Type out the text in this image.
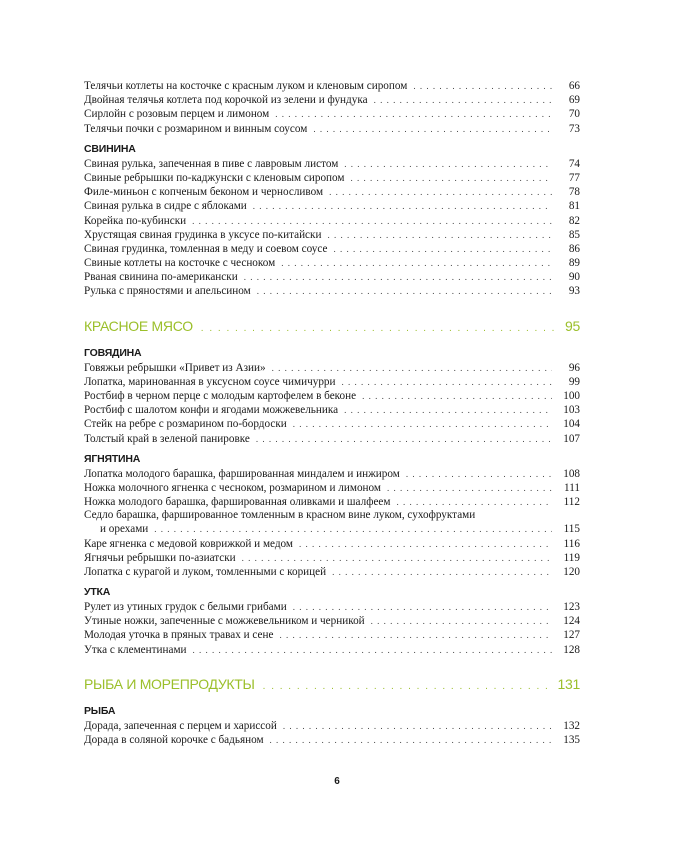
Телячьи котлеты на косточке с красным луком и кленовым сиропом . . .	66
Двойная телячья котлета под корочкой из зелени и фундука . . .	69
Сирлойн с розовым перцем и лимоном . . .	70
Телячьи почки с розмарином и винным соусом . . .	73
СВИНИНА
Свиная рулька, запеченная в пиве с лавровым листом . . .	74
Свиные ребрышки по-каджунски с кленовым сиропом . . .	77
Филе-миньон с копченым беконом и черносливом . . .	78
Свиная рулька в сидре с яблоками . . .	81
Корейка по-кубински . . .	82
Хрустящая свиная грудинка в уксусе по-китайски . . .	85
Свиная грудинка, томленная в меду и соевом соусе . . .	86
Свиные котлеты на косточке с чесноком . . .	89
Рваная свинина по-американски . . .	90
Рулька с пряностями и апельсином . . .	93
КРАСНОЕ МЯСО . . .	95
ГОВЯДИНА
Говяжьи ребрышки «Привет из Азии» . . .	96
Лопатка, маринованная в уксусном соусе чимичурри . . .	99
Ростбиф в черном перце с молодым картофелем в беконе . . .	100
Ростбиф с шалотом конфи и ягодами можжевельника . . .	103
Стейк на ребре с розмарином по-бордоски . . .	104
Толстый край в зеленой панировке . . .	107
ЯГНЯТИНА
Лопатка молодого барашка, фаршированная миндалем и инжиром . . .	108
Ножка молочного ягненка с чесноком, розмарином и лимоном . . .	111
Ножка молодого барашка, фаршированная оливками и шалфеем . . .	112
Седло барашка, фаршированное томленным в красном вине луком, сухофруктами
и орехами . . .	115
Каре ягненка с медовой коврижкой и медом . . .	116
Ягнячьи ребрышки по-азиатски . . .	119
Лопатка с курагой и луком, томленными с корицей . . .	120
УТКА
Рулет из утиных грудок с белыми грибами . . .	123
Утиные ножки, запеченные с можжевельником и черникой . . .	124
Молодая уточка в пряных травах и сене . . .	127
Утка с клементинами . . .	128
РЫБА И МОРЕПРОДУКТЫ . . .	131
РЫБА
Дорада, запеченная с перцем и хариссой . . .	132
Дорада в соляной корочке с бадьяном . . .	135
6
